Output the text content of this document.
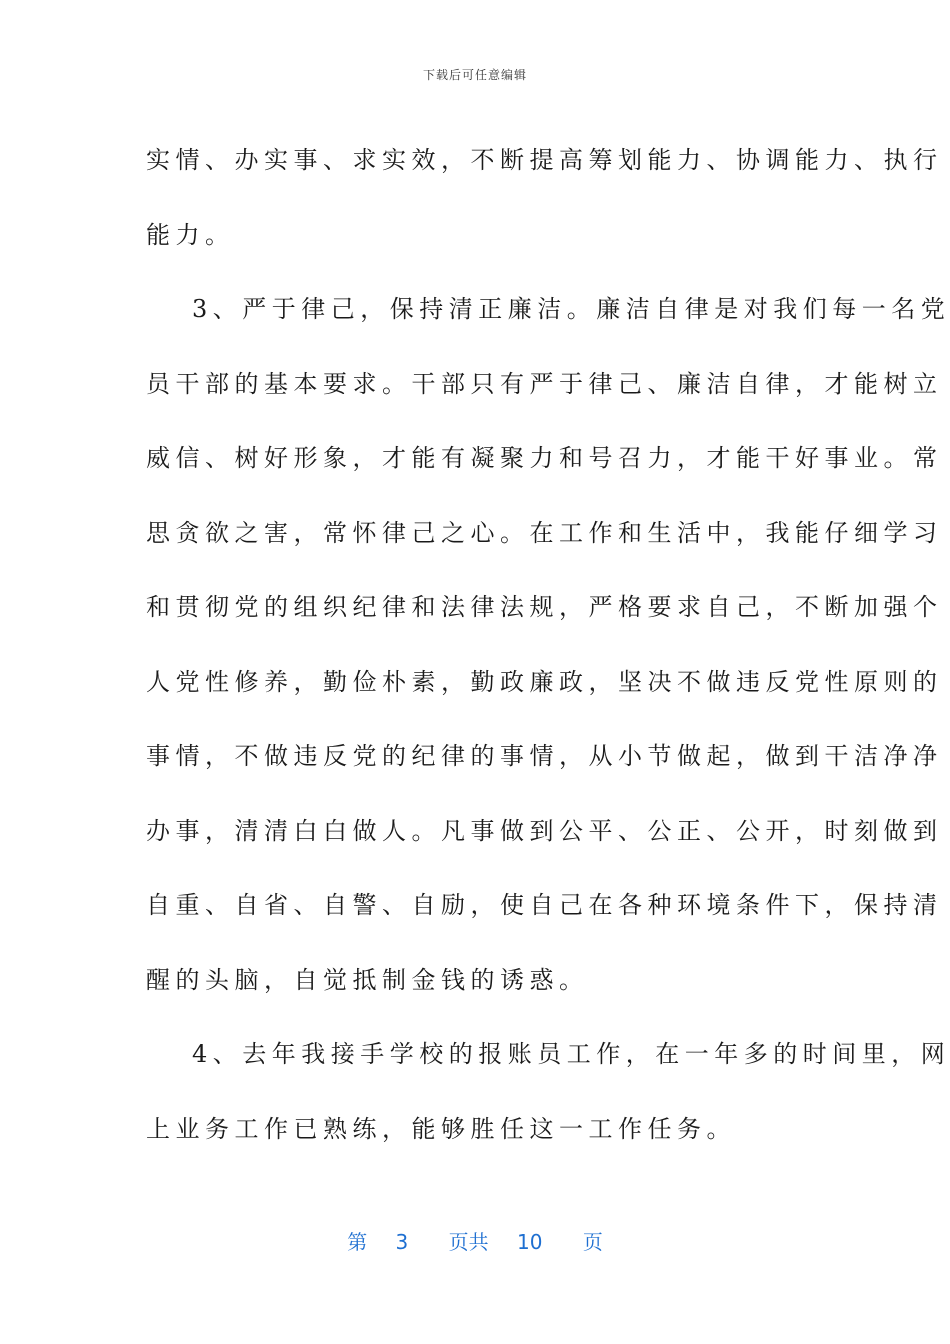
下载后可任意编辑
实情、办实事、求实效，不断提高筹划能力、协调能力、执行
能力。
3、严于律己，保持清正廉洁。廉洁自律是对我们每一名党
员干部的基本要求。干部只有严于律己、廉洁自律，才能树立
威信、树好形象，才能有凝聚力和号召力，才能干好事业。常
思贪欲之害，常怀律己之心。在工作和生活中，我能仔细学习
和贯彻党的组织纪律和法律法规，严格要求自己，不断加强个
人党性修养，勤俭朴素，勤政廉政，坚决不做违反党性原则的
事情，不做违反党的纪律的事情，从小节做起，做到干洁净净
办事，清清白白做人。凡事做到公平、公正、公开，时刻做到
自重、自省、自警、自励，使自己在各种环境条件下，保持清
醒的头脑，自觉抵制金钱的诱惑。
4、去年我接手学校的报账员工作，在一年多的时间里，网
上业务工作已熟练，能够胜任这一工作任务。
第 3 页共 10 页
